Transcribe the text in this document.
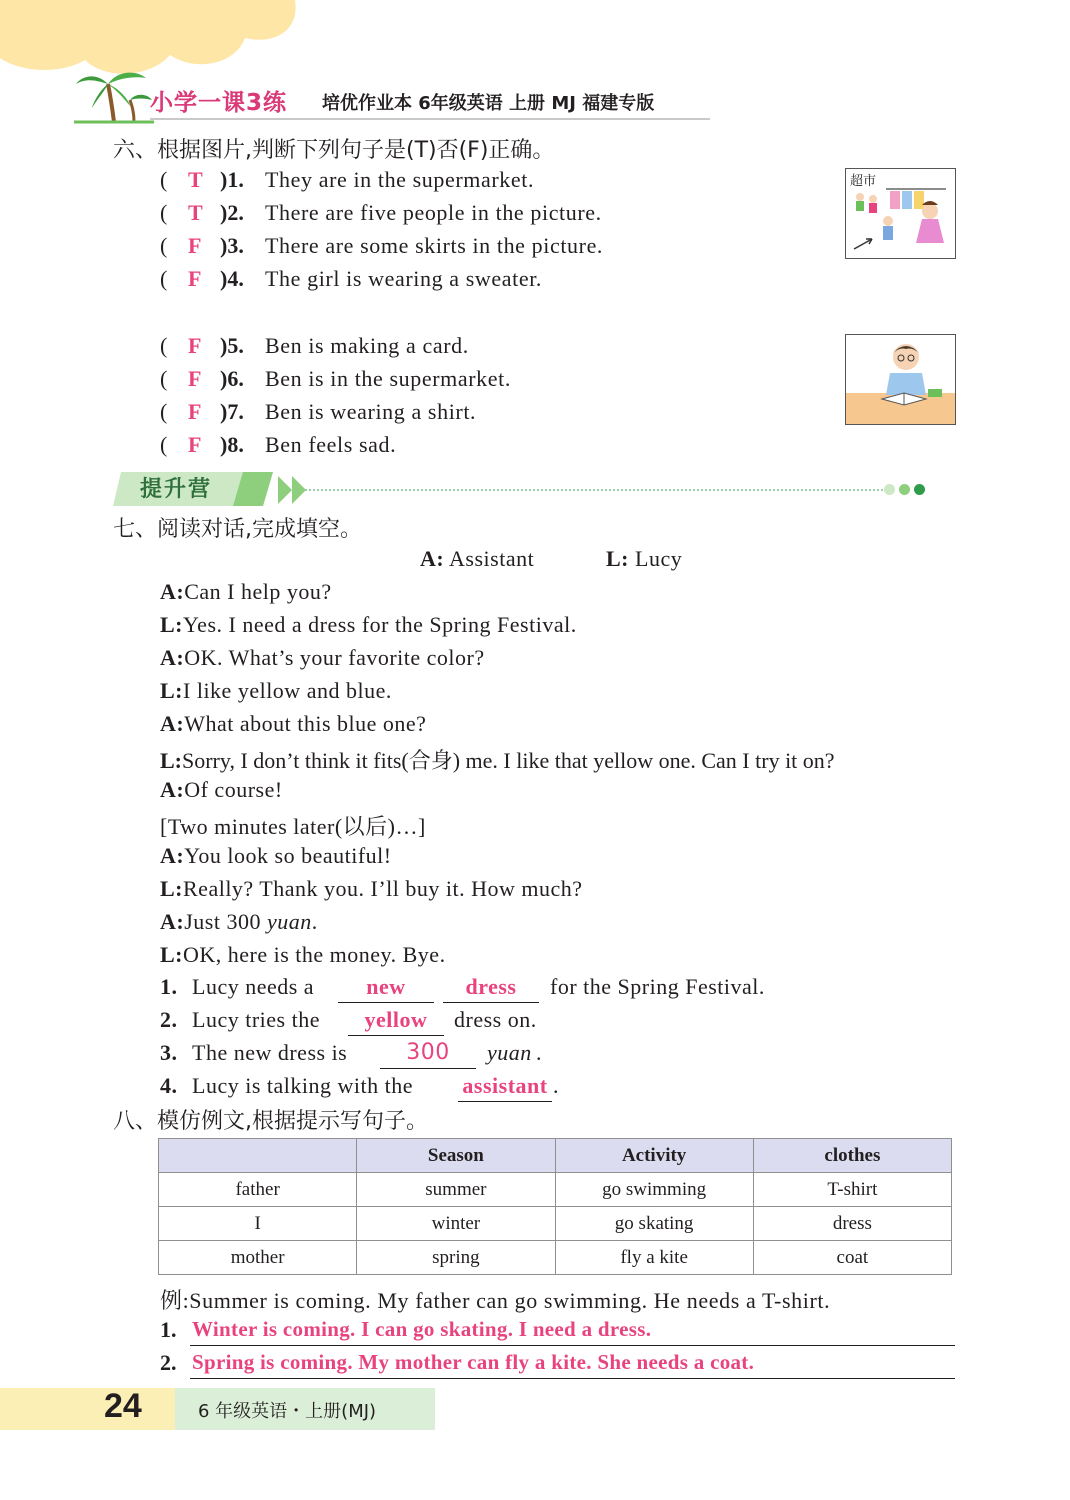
小学一课3练 培优作业本 6年级英语 上册 MJ 福建专版
六、根据图片,判断下列句子是(T)否(F)正确。
( T )1. They are in the supermarket.
( T )2. There are five people in the picture.
( F )3. There are some skirts in the picture.
( F )4. The girl is wearing a sweater.
超市
( F )5. Ben is making a card.
( F )6. Ben is in the supermarket.
( F )7. Ben is wearing a shirt.
( F )8. Ben feels sad.
提升营
七、阅读对话,完成填空。
A: Assistant	L: Lucy
A:Can I help you?
L:Yes. I need a dress for the Spring Festival.
A:OK. What’s your favorite color?
L:I like yellow and blue.
A:What about this blue one?
L:Sorry, I don’t think it fits(合身) me. I like that yellow one. Can I try it on?
A:Of course!
[Two minutes later(以后)…]
A:You look so beautiful!
L:Really? Thank you. I’ll buy it. How much?
A:Just 300 yuan.
L:OK, here is the money. Bye.
1. Lucy needs a	new	dress	for the Spring Festival.
2. Lucy tries the	yellow	dress on.
3. The new dress is	300	yuan .
4. Lucy is talking with the assistant .
八、模仿例文,根据提示写句子。
	Season	Activity	clothes
father	summer	go swimming	T-shirt
I	winter	go skating	dress
mother	spring	fly a kite	coat
例:Summer is coming. My father can go swimming. He needs a T-shirt.
1. Winter is coming. I can go skating. I need a dress.
2. Spring is coming. My mother can fly a kite. She needs a coat.
24	6 年级英语・上册(MJ)
